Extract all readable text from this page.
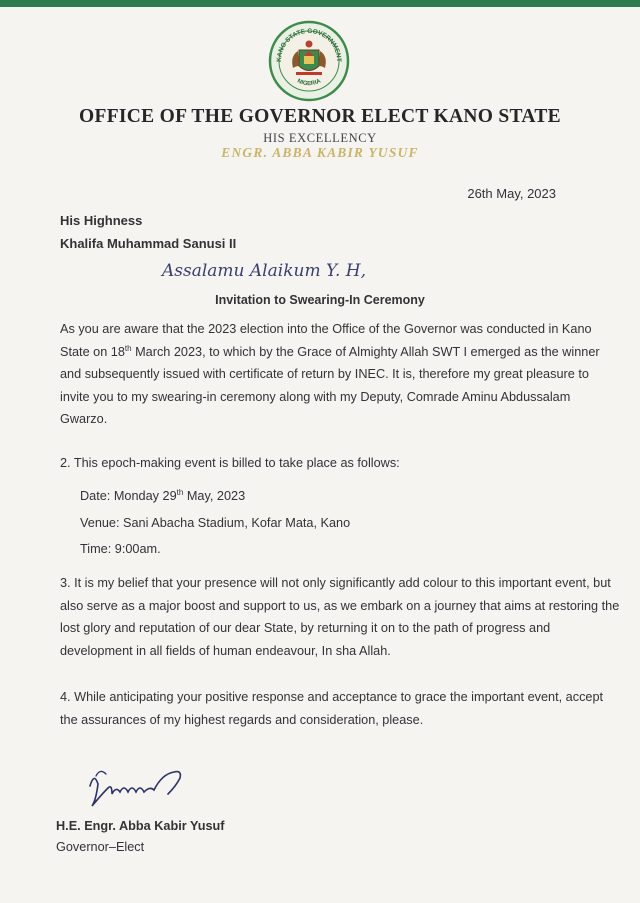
KANO STATE GOVERNMENT
NIGERIA
OFFICE OF THE GOVERNOR ELECT KANO STATE
HIS EXCELLENCY
ENGR. ABBA KABIR YUSUF
26th May, 2023
His Highness
Khalifa Muhammad Sanusi II
Assalamu Alaikum Y. H,
Invitation to Swearing-In Ceremony
As you are aware that the 2023 election into the Office of the Governor was conducted in Kano State on 18th March 2023, to which by the Grace of Almighty Allah SWT I emerged as the winner and subsequently issued with certificate of return by INEC. It is, therefore my great pleasure to invite you to my swearing-in ceremony along with my Deputy, Comrade Aminu Abdussalam Gwarzo.
2. This epoch-making event is billed to take place as follows:
Date: Monday 29th May, 2023
Venue: Sani Abacha Stadium, Kofar Mata, Kano
Time: 9:00am.
3. It is my belief that your presence will not only significantly add colour to this important event, but also serve as a major boost and support to us, as we embark on a journey that aims at restoring the lost glory and reputation of our dear State, by returning it on to the path of progress and development in all fields of human endeavour, In sha Allah.
4. While anticipating your positive response and acceptance to grace the important event, accept the assurances of my highest regards and consideration, please.
H.E. Engr. Abba Kabir Yusuf
Governor–Elect
